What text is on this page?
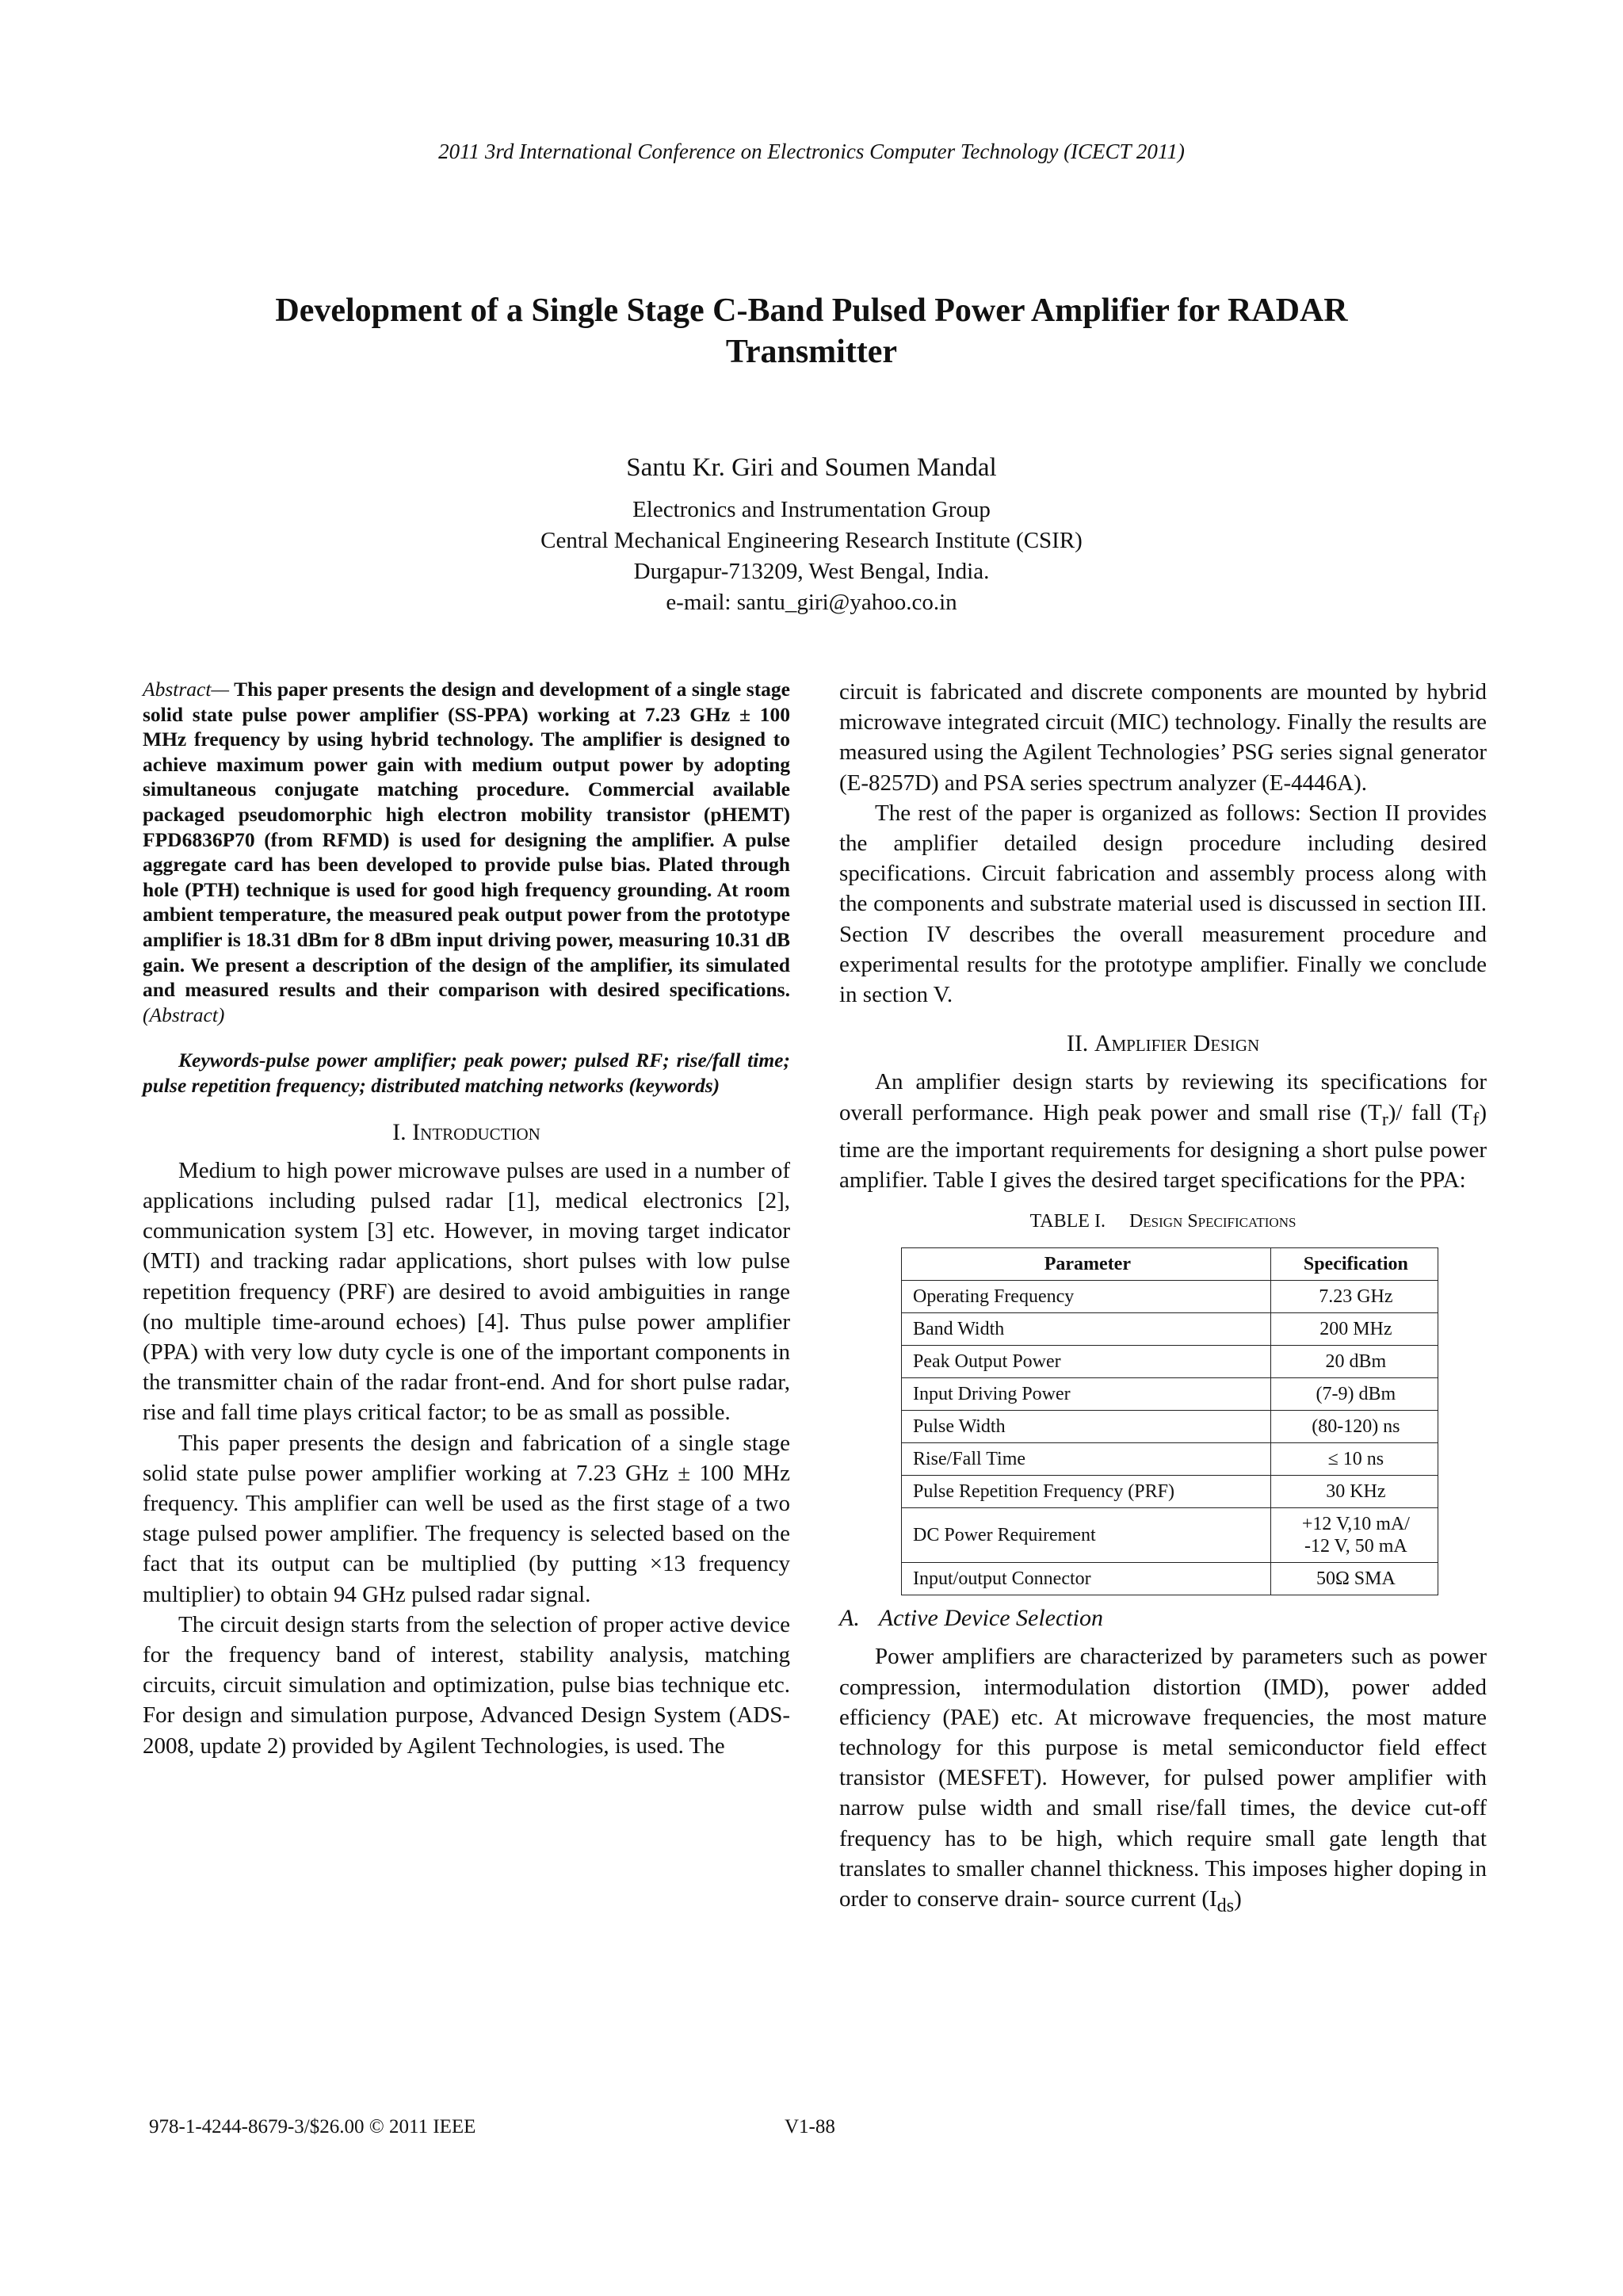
2011 3rd International Conference on Electronics Computer Technology (ICECT 2011)
Development of a Single Stage C-Band Pulsed Power Amplifier for RADAR
Transmitter
Santu Kr. Giri and Soumen Mandal
Electronics and Instrumentation Group
Central Mechanical Engineering Research Institute (CSIR)
Durgapur-713209, West Bengal, India.
e-mail: santu_giri@yahoo.co.in

Abstract— This paper presents the design and development of a single stage solid state pulse power amplifier (SS-PPA) working at 7.23 GHz ± 100 MHz frequency by using hybrid technology. The amplifier is designed to achieve maximum power gain with medium output power by adopting simultaneous conjugate matching procedure. Commercial available packaged pseudomorphic high electron mobility transistor (pHEMT) FPD6836P70 (from RFMD) is used for designing the amplifier. A pulse aggregate card has been developed to provide pulse bias. Plated through hole (PTH) technique is used for good high frequency grounding. At room ambient temperature, the measured peak output power from the prototype amplifier is 18.31 dBm for 8 dBm input driving power, measuring 10.31 dB gain. We present a description of the design of the amplifier, its simulated and measured results and their comparison with desired specifications. (Abstract)

Keywords-pulse power amplifier; peak power; pulsed RF; rise/fall time; pulse repetition frequency; distributed matching networks (keywords)

I. Introduction

Medium to high power microwave pulses are used in a number of applications including pulsed radar [1], medical electronics [2], communication system [3] etc. However, in moving target indicator (MTI) and tracking radar applications, short pulses with low pulse repetition frequency (PRF) are desired to avoid ambiguities in range (no multiple time-around echoes) [4]. Thus pulse power amplifier (PPA) with very low duty cycle is one of the important components in the transmitter chain of the radar front-end. And for short pulse radar, rise and fall time plays critical factor; to be as small as possible.

This paper presents the design and fabrication of a single stage solid state pulse power amplifier working at 7.23 GHz ± 100 MHz frequency. This amplifier can well be used as the first stage of a two stage pulsed power amplifier. The frequency is selected based on the fact that its output can be multiplied (by putting ×13 frequency multiplier) to obtain 94 GHz pulsed radar signal.

The circuit design starts from the selection of proper active device for the frequency band of interest, stability analysis, matching circuits, circuit simulation and optimization, pulse bias technique etc. For design and simulation purpose, Advanced Design System (ADS-2008, update 2) provided by Agilent Technologies, is used. The

circuit is fabricated and discrete components are mounted by hybrid microwave integrated circuit (MIC) technology. Finally the results are measured using the Agilent Technologies’ PSG series signal generator (E-8257D) and PSA series spectrum analyzer (E-4446A).

The rest of the paper is organized as follows: Section II provides the amplifier detailed design procedure including desired specifications. Circuit fabrication and assembly process along with the components and substrate material used is discussed in section III. Section IV describes the overall measurement procedure and experimental results for the prototype amplifier. Finally we conclude in section V.

II. Amplifier Design

An amplifier design starts by reviewing its specifications for overall performance. High peak power and small rise $(T_r)/$ fall $(T_f)$ time are the important requirements for designing a short pulse power amplifier. Table I gives the desired target specifications for the PPA:

TABLE I. Design Specifications
Parameter	Specification
Operating Frequency	7.23 GHz
Band Width	200 MHz
Peak Output Power	20 dBm
Input Driving Power	(7-9) dBm
Pulse Width	(80-120) ns
Rise/Fall Time	≤ 10 ns
Pulse Repetition Frequency (PRF)	30 KHz
DC Power Requirement	+12 V,10 mA/
-12 V, 50 mA

Input/output Connector	50Ω SMA
A. Active Device Selection

Power amplifiers are characterized by parameters such as power compression, intermodulation distortion (IMD), power added efficiency (PAE) etc. At microwave frequencies, the most mature technology for this purpose is metal semiconductor field effect transistor (MESFET). However, for pulsed power amplifier with narrow pulse width and small rise/fall times, the device cut-off frequency has to be high, which require small gate length that translates to smaller channel thickness. This imposes higher doping in order to conserve drain- source current $(I_{ds})$

978-1-4244-8679-3/$26.00 © 2011 IEEE	V1-88
